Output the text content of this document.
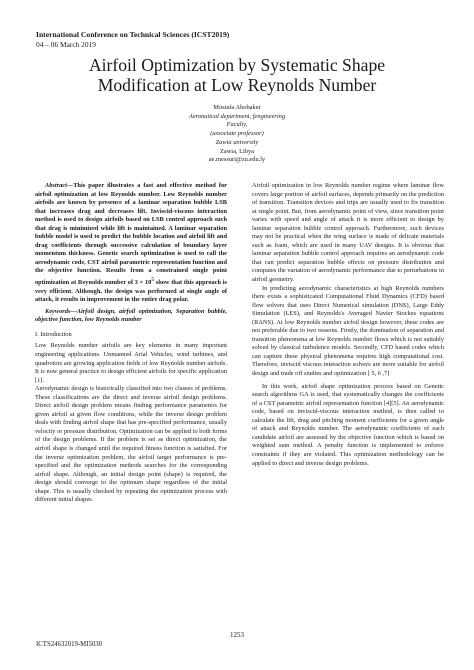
International Conference on Technical Sciences (ICST2019)
04 – 06 March 2019
Airfoil Optimization by Systematic Shape
Modification at Low Reynolds Number
Mostafa Abobaker
Aeronatical department, fengineering
Faculty,
(associate professor)
Zawia university
Zawia, Libya
ae.messuri@zu.edu.ly

Abstract—This paper illustrates a fast and effective method for airfoil optimization at low Reynolds number. Low Reynolds number airfoils are known by presence of a laminar separation bubble LSB that increases drag and decreases lift. Inviscid-viscous interaction method is used to design airfoils based on LSB control approach such that drag is minimized while lift is maintained. A laminar separation bubble model is used to predict the bubble location and airfoil lift and drag coefficients through successive calculation of boundary layer momentum thickness. Genetic search optimization is used to call the aerodynamic code, CST airfoil parametric representation function and the objective function. Results from a constrained single point optimization at Reynolds number of $3 \times 10^5$ show that this approach is very efficient. Although, the design was performed at single angle of attack, it results in improvement in the entire drag polar.

Keywords—Airfoil design, airfoil optimization, Separation bubble, objective function, low Reynolds number

I. Introduction

Low Reynolds number airfoils are key elements in many important engineering applications. Unmanned Arial Vehicles, wind turbines, and quadrotors are growing application fields of low Reynolds number airfoils. It is now general practice to design efficient airfoils for specific application [1].

Aerodynamic design is historically classified into two classes of problems. These classifications are the direct and inverse airfoil design problems. Direct airfoil design problem means finding performance parameters for given airfoil at given flow conditions, while the inverse design problem deals with finding airfoil shape that has pre-specified performance, usually velocity or pressure distribution. Optimization can be applied to both forms of the design problems. If the problem is set as direct optimization, the airfoil shape is changed until the required fitness function is satisfied. For the inverse optimization problem, the airfoil target performance is pre-specified and the optimization methods searches for the corresponding airfoil shape. Although, an initial design point (shape) is required, the design should converge to the optimum shape regardless of the initial shape. This is usually checked by repeating the optimization process with different initial shapes.

Airfoil optimization in low Reynolds number regime where laminar flow covers large portion of airfoil surfaces, depends primarily on the prediction of transition. Transition devices and trips are usually used to fix transition at single point. But, from aerodynamic point of view, since transition point varies with speed and angle of attack it is more efficient to design by laminar separation bubble control approach. Furthermore, such devices may not be practical when the wing surface is made of delicate materials such as foam, which are used in many UAV designs. It is obvious that laminar separation bubble control approach requires an aerodynamic code that can predict separation bubble effects on pressure distribution and computes the variation of aerodynamic performance due to perturbations in airfoil geometry.

In predicting aerodynamic characteristics at high Reynolds numbers there exists a sophisticated Computational Fluid Dynamics (CFD) based flow solvers that uses Direct Numerical simulation (DNS), Large Eddy Simulation (LES), and Reynolds's Averaged Navier Stockes equations (RANS). At low Reynolds number airfoil design however, these codes are not preferable due to two reasons. Firstly, the domination of separation and transition phenomena at low Reynolds number flows which is not suitably solved by classical turbulence models. Secondly, CFD based codes which can capture these physical phenomena requires high computational cost. Therefore, inviscid viscous interaction solvers are more suitable for airfoil design and trade off studies and optimization [ 5, 6 ,7]

In this work, airfoil shape optimization process based on Genetic search algorithms GA is used, that systematically changes the coefficients of a CST parametric airfoil representation function [4][5]. An aerodynamic code, based on inviscid-viscous interaction method, is then called to calculate the lift, drag and pitching moment coefficients for a given angle of attack and Reynolds number. The aerodynamic coefficients of each candidate airfoil are assessed by the objective function which is based on weighted sum method. A penalty function is implemented to enforce constraints if they are violated. This optimization methodology can be applied to direct and inverse design problems.

1253
ICTS24632019-MI5030
